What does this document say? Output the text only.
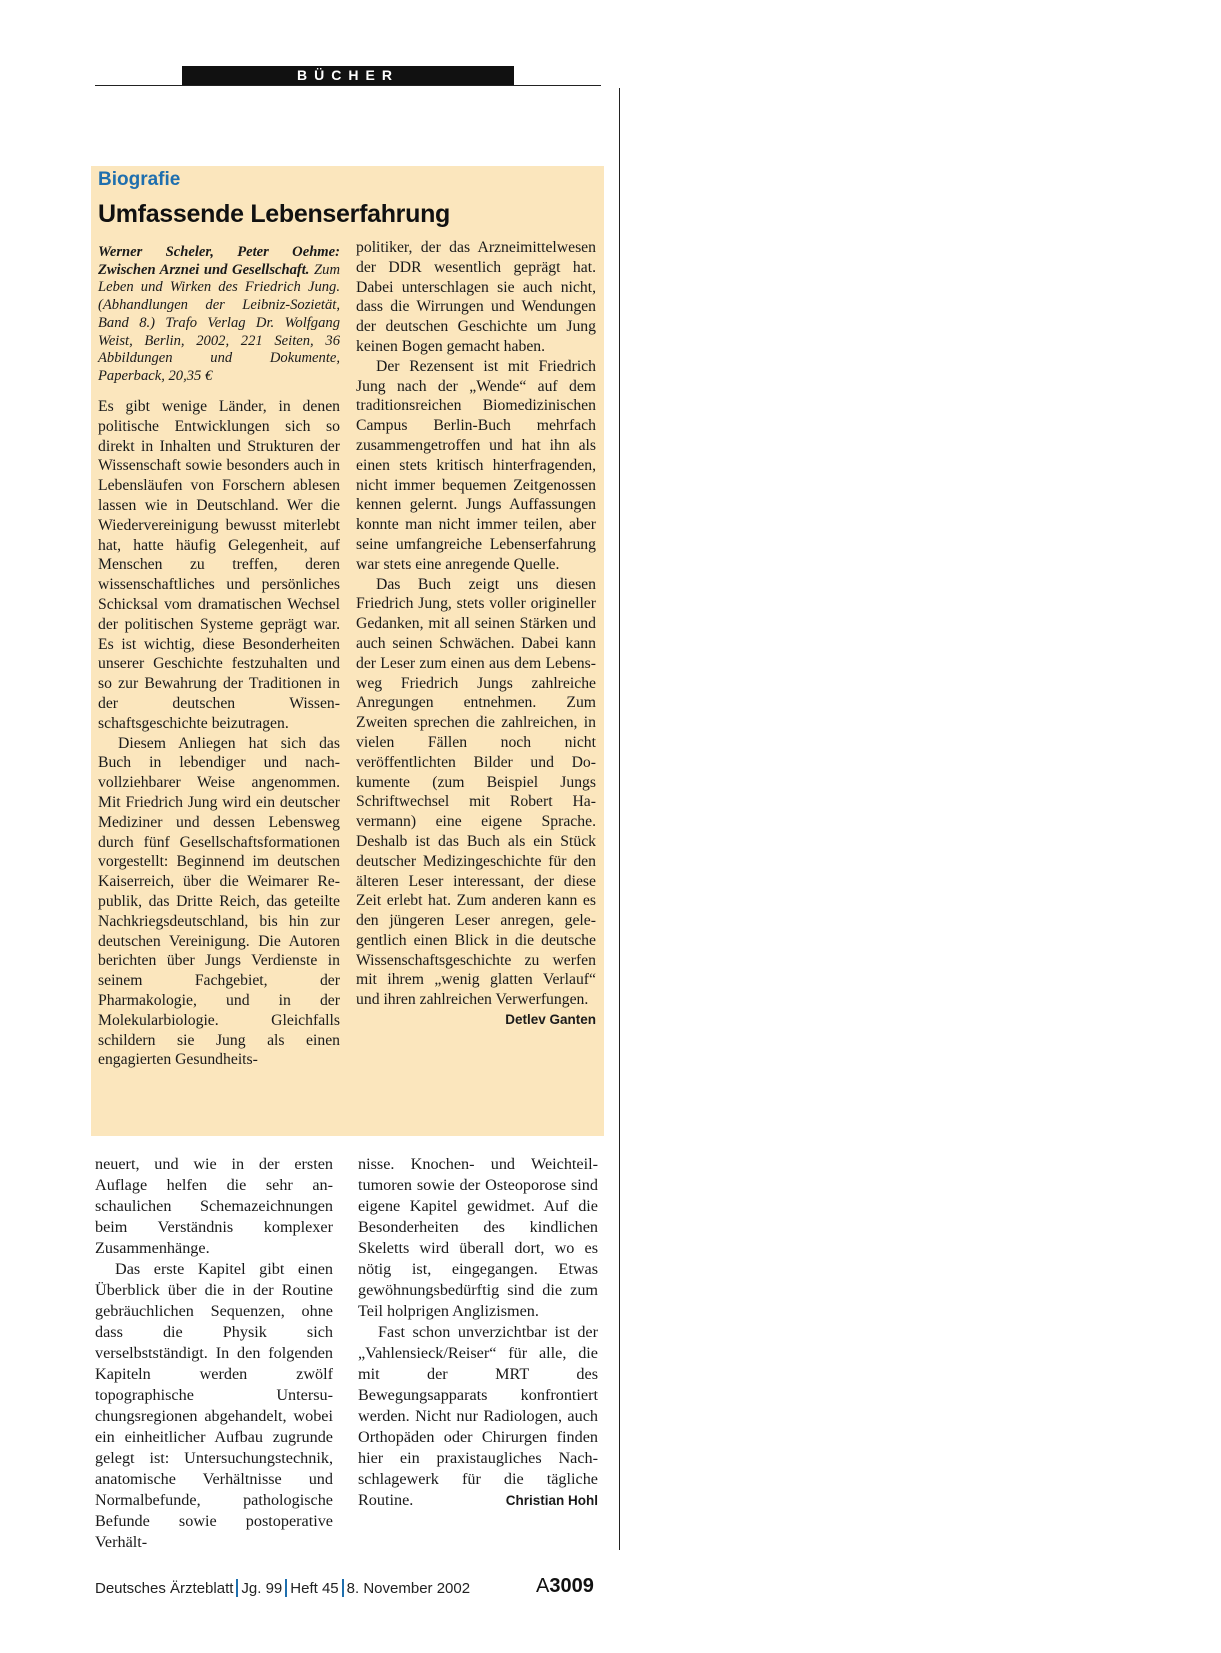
BÜCHER
Biografie
Umfassende Lebenserfahrung
Werner Scheler, Peter Oehme: Zwischen Arznei und Gesellschaft. Zum Leben und Wirken des Friedrich Jung. (Abhandlungen der Leibniz-Sozietät, Band 8.) Trafo Verlag Dr. Wolfgang Weist, Berlin, 2002, 221 Seiten, 36 Abbildungen und Dokumente, Paperback, 20,35 €

Es gibt wenige Länder, in denen politische Entwicklungen sich so direkt in Inhalten und Strukturen der Wissenschaft sowie besonders auch in Lebensläufen von Forschern ablesen lassen wie in Deutschland. Wer die Wiedervereinigung bewusst miterlebt hat, hatte häufig Gelegenheit, auf Menschen zu treffen, deren wissenschaftliches und persönliches Schicksal vom dramatischen Wechsel der politischen Systeme geprägt war. Es ist wichtig, diese Besonderheiten unserer Geschichte festzuhalten und so zur Bewahrung der Traditionen in der deutschen Wissenschaftsgeschichte beizutragen.

Diesem Anliegen hat sich das Buch in lebendiger und nachvollziehbarer Weise angenommen. Mit Friedrich Jung wird ein deutscher Mediziner und dessen Lebensweg durch fünf Gesellschaftsformationen vorgestellt: Beginnend im deutschen Kaiserreich, über die Weimarer Republik, das Dritte Reich, das geteilte Nachkriegsdeutschland, bis hin zur deutschen Vereinigung. Die Autoren berichten über Jungs Verdienste in seinem Fachgebiet, der Pharmakologie, und in der Molekularbiologie. Gleichfalls schildern sie Jung als einen engagierten Gesundheits-

politiker, der das Arzneimittelwesen der DDR wesentlich geprägt hat. Dabei unterschlagen sie auch nicht, dass die Wirrungen und Wendungen der deutschen Geschichte um Jung keinen Bogen gemacht haben.

Der Rezensent ist mit Friedrich Jung nach der „Wende“ auf dem traditionsreichen Biomedizinischen Campus Berlin-Buch mehrfach zusammengetroffen und hat ihn als einen stets kritisch hinterfragenden, nicht immer bequemen Zeitgenossen kennen gelernt. Jungs Auffassungen konnte man nicht immer teilen, aber seine umfangreiche Lebenserfahrung war stets eine anregende Quelle.

Das Buch zeigt uns diesen Friedrich Jung, stets voller origineller Gedanken, mit all seinen Stärken und auch seinen Schwächen. Dabei kann der Leser zum einen aus dem Lebensweg Friedrich Jungs zahlreiche Anregungen entnehmen. Zum Zweiten sprechen die zahlreichen, in vielen Fällen noch nicht veröffentlichten Bilder und Dokumente (zum Beispiel Jungs Schriftwechsel mit Robert Havermann) eine eigene Sprache. Deshalb ist das Buch als ein Stück deutscher Medizingeschichte für den älteren Leser interessant, der diese Zeit erlebt hat. Zum anderen kann es den jüngeren Leser anregen, gelegentlich einen Blick in die deutsche Wissenschaftsgeschichte zu werfen mit ihrem „wenig glatten Verlauf“ und ihren zahlreichen Verwerfungen.
Detlev Ganten

neuert, und wie in der ersten Auflage helfen die sehr anschaulichen Schemazeichnungen beim Verständnis komplexer Zusammenhänge.

Das erste Kapitel gibt einen Überblick über die in der Routine gebräuchlichen Sequenzen, ohne dass die Physik sich verselbstständigt. In den folgenden Kapiteln werden zwölf topographische Untersuchungsregionen abgehandelt, wobei ein einheitlicher Aufbau zugrunde gelegt ist: Untersuchungstechnik, anatomische Verhältnisse und Normalbefunde, pathologische Befunde sowie postoperative Verhält-

nisse. Knochen- und Weichteiltumoren sowie der Osteoporose sind eigene Kapitel gewidmet. Auf die Besonderheiten des kindlichen Skeletts wird überall dort, wo es nötig ist, eingegangen. Etwas gewöhnungsbedürftig sind die zum Teil holprigen Anglizismen.

Fast schon unverzichtbar ist der „Vahlensieck/Reiser“ für alle, die mit der MRT des Bewegungsapparats konfrontiert werden. Nicht nur Radiologen, auch Orthopäden oder Chirurgen finden hier ein praxistaugliches Nachschlagewerk für die tägliche Routine.	Christian Hohl

Deutsches Ärzteblatt Jg. 99 Heft 45 8. November 2002	A3009
